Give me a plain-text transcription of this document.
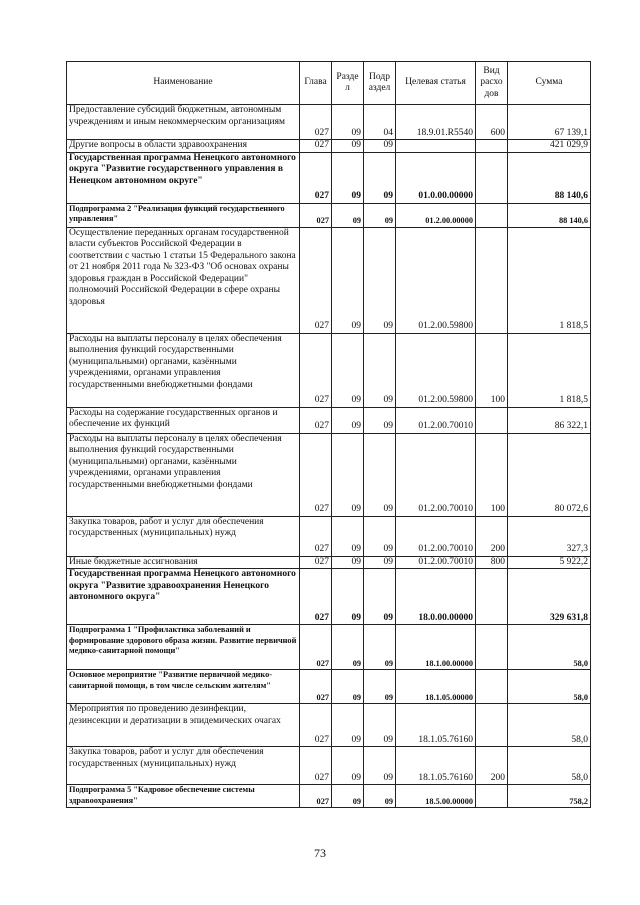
Наименование	Глава	Разде л	Подр аздел	Целевая статья	Вид расхо дов	Сумма
Предоставление субсидий бюджетным, автономным учреждениям и иным некоммерческим организациям	027	09	04	18.9.01.R5540	600	67 139,1
Другие вопросы в области здравоохранения	027	09	09			421 029,9
Государственная программа Ненецкого автономного округа "Развитие государственного управления в Ненецком автономном округе"	027	09	09	01.0.00.00000		88 140,6
Подпрограмма 2 "Реализация функций государственного управления"	027	09	09	01.2.00.00000		88 140,6
Осуществление переданных органам государственной власти субъектов Российской Федерации в соответствии с частью 1 статьи 15 Федерального закона от 21 ноября 2011 года № 323-ФЗ "Об основах охраны здоровья граждан в Российской Федерации" полномочий Российской Федерации в сфере охраны здоровья	027	09	09	01.2.00.59800		1 818,5
Расходы на выплаты персоналу в целях обеспечения выполнения функций государственными (муниципальными) органами, казёнными учреждениями, органами управления государственными внебюджетными фондами	027	09	09	01.2.00.59800	100	1 818,5
Расходы на содержание государственных органов и обеспечение их функций	027	09	09	01.2.00.70010		86 322,1
Расходы на выплаты персоналу в целях обеспечения выполнения функций государственными (муниципальными) органами, казёнными учреждениями, органами управления государственными внебюджетными фондами	027	09	09	01.2.00.70010	100	80 072,6
Закупка товаров, работ и услуг для обеспечения государственных (муниципальных) нужд	027	09	09	01.2.00.70010	200	327,3
Иные бюджетные ассигнования	027	09	09	01.2.00.70010	800	5 922,2
Государственная программа Ненецкого автономного округа "Развитие здравоохранения Ненецкого автономного округа"	027	09	09	18.0.00.00000		329 631,8
Подпрограмма 1 "Профилактика заболеваний и формирование здорового образа жизни. Развитие первичной медико-санитарной помощи"	027	09	09	18.1.00.00000		58,0
Основное мероприятие "Развитие первичной медико-санитарной помощи, в том числе сельским жителям"	027	09	09	18.1.05.00000		58,0
Мероприятия по проведению дезинфекции, дезинсекции и дератизации в эпидемических очагах	027	09	09	18.1.05.76160		58,0
Закупка товаров, работ и услуг для обеспечения государственных (муниципальных) нужд	027	09	09	18.1.05.76160	200	58,0
Подпрограмма 5 "Кадровое обеспечение системы здравоохранения"	027	09	09	18.5.00.00000		758,2
73
